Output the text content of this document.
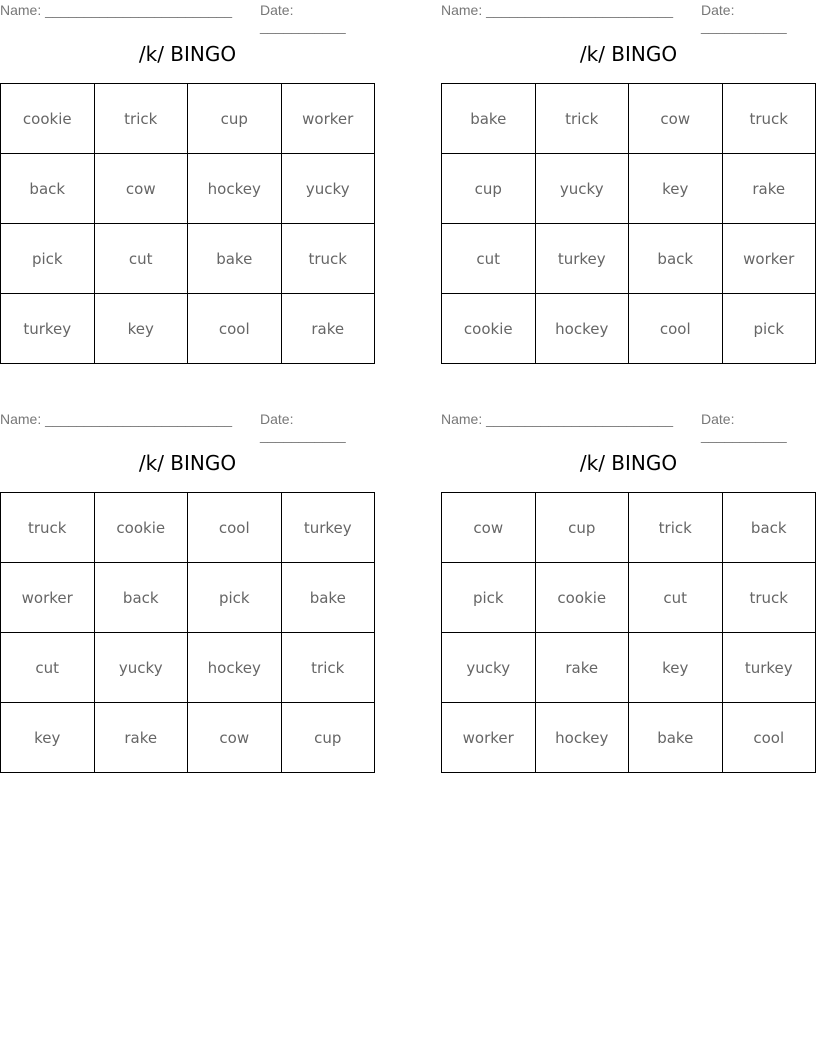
Name: ________________________ Date: ___________
/k/ BINGO
cookie	trick	cup	worker
back	cow	hockey	yucky
pick	cut	bake	truck
turkey	key	cool	rake
Name: ________________________ Date: ___________
/k/ BINGO
bake	trick	cow	truck
cup	yucky	key	rake
cut	turkey	back	worker
cookie	hockey	cool	pick
Name: ________________________ Date: ___________
/k/ BINGO
truck	cookie	cool	turkey
worker	back	pick	bake
cut	yucky	hockey	trick
key	rake	cow	cup
Name: ________________________ Date: ___________
/k/ BINGO
cow	cup	trick	back
pick	cookie	cut	truck
yucky	rake	key	turkey
worker	hockey	bake	cool
